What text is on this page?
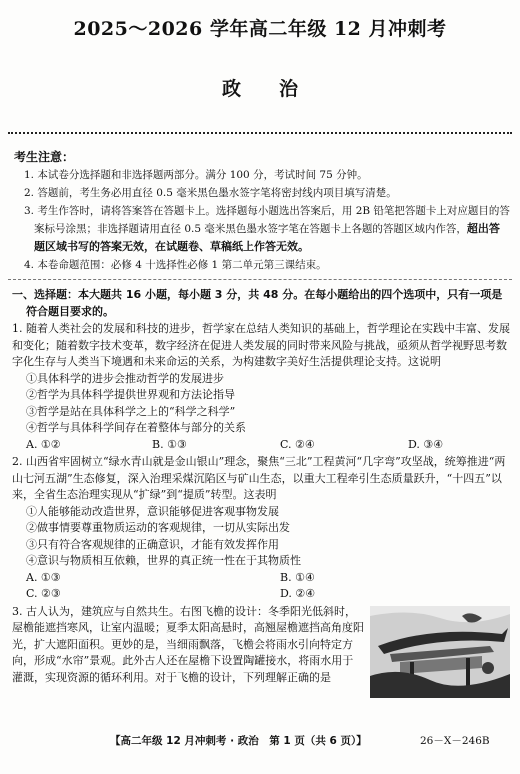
2025～2026 学年高二年级 12 月冲刺考
政　　治
考生注意：
1. 本试卷分选择题和非选择题两部分。满分 100 分，考试时间 75 分钟。
2. 答题前，考生务必用直径 0.5 毫米黑色墨水签字笔将密封线内项目填写清楚。
3. 考生作答时，请将答案答在答题卡上。选择题每小题选出答案后，用 2B 铅笔把答题卡上对应题目的答案标号涂黑；非选择题请用直径 0.5 毫米黑色墨水签字笔在答题卡上各题的答题区域内作答，超出答题区域书写的答案无效，在试题卷、草稿纸上作答无效。
4. 本卷命题范围：必修 4 十选择性必修 1 第二单元第三课结束。
一、选择题：本大题共 16 小题，每小题 3 分，共 48 分。在每小题给出的四个选项中，只有一项是
符合题目要求的。

1. 随着人类社会的发展和科技的进步，哲学家在总结人类知识的基础上，哲学理论在实践中丰富、发展和变化；随着数字技术变革，数字经济在促进人类发展的同时带来风险与挑战，亟须从哲学视野思考数字化生存与人类当下境遇和未来命运的关系，为构建数字美好生活提供理论支持。这说明

①具体科学的进步会推动哲学的发展进步

②哲学为具体科学提供世界观和方法论指导

③哲学是站在具体科学之上的“科学之科学”

④哲学与具体科学间存在着整体与部分的关系

A. ①②	B. ①③	C. ②④	D. ③④

2. 山西省牢固树立“绿水青山就是金山银山”理念，聚焦“三北”工程黄河“几字弯”攻坚战，统筹推进“两山七河五湖”生态修复，深入治理采煤沉陷区与矿山生态，以重大工程牵引生态质量跃升，“十四五”以来，全省生态治理实现从“扩绿”到“提质”转型。这表明

①人能够能动改造世界，意识能够促进客观事物发展

②做事情要尊重物质运动的客观规律，一切从实际出发

③只有符合客观规律的正确意识，才能有效发挥作用

④意识与物质相互依赖，世界的真正统一性在于其物质性

A. ①③	B. ①④
C. ②③	D. ②④

3. 古人认为，建筑应与自然共生。右图飞檐的设计：冬季阳光低斜时，屋檐能遮挡寒风，让室内温暖；夏季太阳高悬时，高翘屋檐遮挡高角度阳光，扩大遮阳面积。更妙的是，当细雨飘落，飞檐会将雨水引向特定方向，形成“水帘”景观。此外古人还在屋檐下设置陶罐接水，将雨水用于灌溉，实现资源的循环利用。对于飞檐的设计，下列理解正确的是

【高二年级 12 月冲刺考 · 政治　第 1 页（共 6 页）】	26－X－246B
